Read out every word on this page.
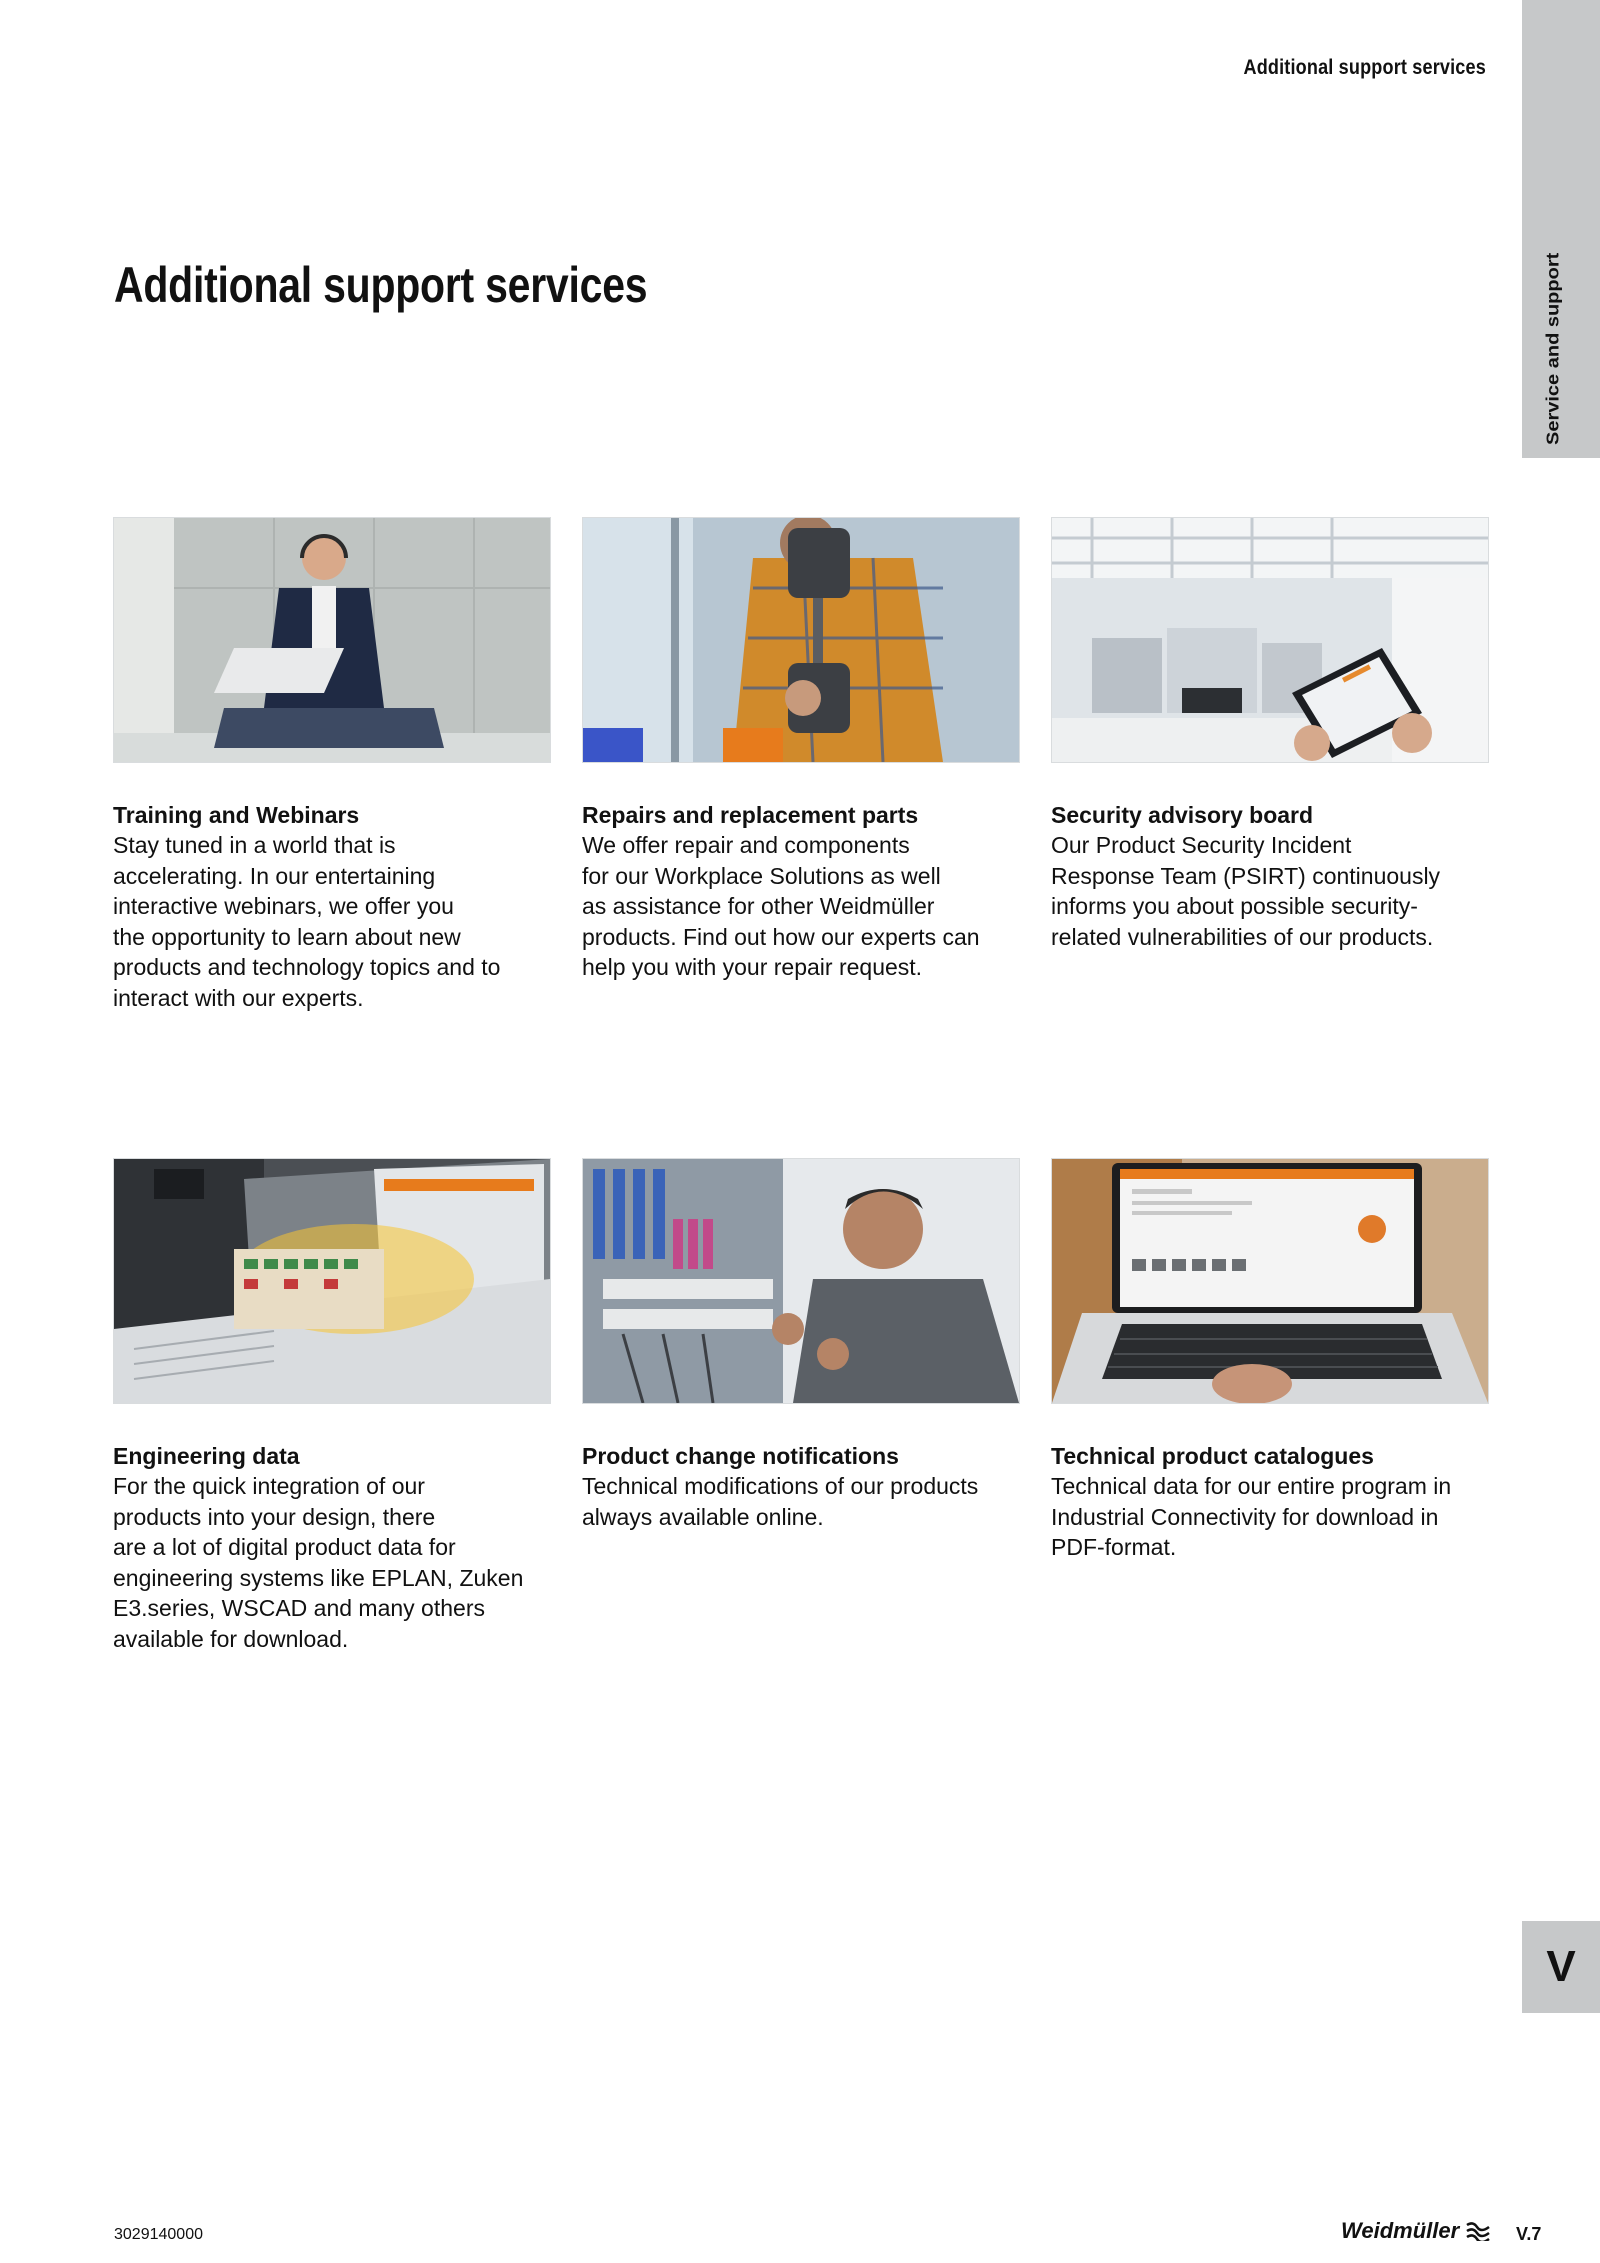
Additional support services
Service and support
Additional support services
Training and Webinars
Stay tuned in a world that is
accelerating. In our entertaining
interactive webinars, we offer you
the opportunity to learn about new
products and technology topics and to
interact with our experts.
Repairs and replacement parts
We offer repair and components
for our Workplace Solutions as well
as assistance for other Weidmüller
products. Find out how our experts can
help you with your repair request.
Security advisory board
Our Product Security Incident
Response Team (PSIRT) continuously
informs you about possible security-
related vulnerabilities of our products.
Engineering data
For the quick integration of our
products into your design, there
are a lot of digital product data for
engineering systems like EPLAN, Zuken
E3.series, WSCAD and many others
available for download.
Product change notifications
Technical modifications of our products
always available online.
Technical product catalogues
Technical data for our entire program in
Industrial Connectivity for download in
PDF-format.
V
3029140000	Weidmüller	V.7
